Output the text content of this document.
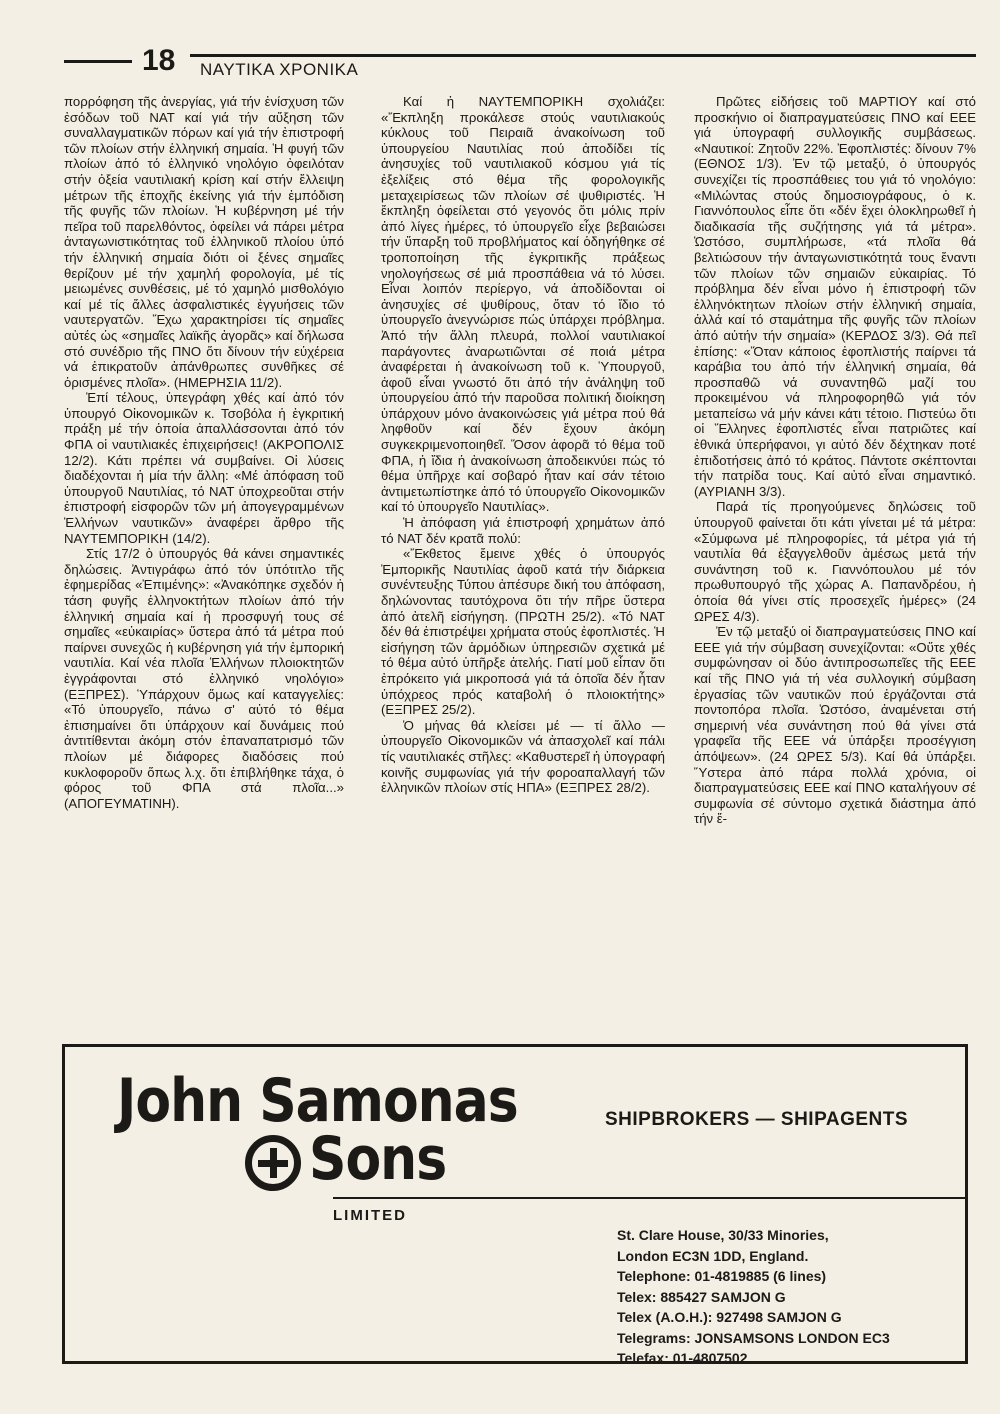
18 ΝΑΥΤΙΚΑ ΧΡΟΝΙΚΑ

πορρόφηση τῆς ἀνεργίας, γιά τήν ἐνίσχυση τῶν ἐσόδων τοῦ ΝΑΤ καί γιά τήν αὔξηση τῶν συναλλαγματικῶν πόρων καί γιά τήν ἐπιστροφή τῶν πλοίων στήν ἑλληνική σημαία. Ἡ φυγή τῶν πλοίων ἀπό τό ἑλληνικό νηολόγιο ὀφειλόταν στήν ὀξεία ναυτιλιακή κρίση καί στήν ἔλλειψη μέτρων τῆς ἐποχῆς ἐκείνης γιά τήν ἐμπόδιση τῆς φυγῆς τῶν πλοίων. Ἡ κυβέρνηση μέ τήν πεῖρα τοῦ παρελθόντος, ὀφείλει νά πάρει μέτρα ἀνταγωνιστικότητας τοῦ ἑλληνικοῦ πλοίου ὑπό τήν ἑλληνική σημαία διότι οἱ ξένες σημαῖες θερίζουν μέ τήν χαμηλή φορολογία, μέ τίς μειωμένες συνθέσεις, μέ τό χαμηλό μισθολόγιο καί μέ τίς ἄλλες ἀσφαλιστικές ἐγγυήσεις τῶν ναυτεργατῶν. Ἔχω χαρακτηρίσει τίς σημαῖες αὐτές ὡς «σημαῖες λαϊκῆς ἀγορᾶς» καί δήλωσα στό συνέδριο τῆς ΠΝΟ ὅτι δίνουν τήν εὐχέρεια νά ἐπικρατοῦν ἀπάνθρωπες συνθῆκες σέ ὁρισμένες πλοῖα». (ΗΜΕΡΗΣΙΑ 11/2).

Ἐπί τέλους, ὑπεγράφη χθές καί ἀπό τόν ὑπουργό Οἰκονομικῶν κ. Τσοβόλα ἡ ἐγκριτική πράξη μέ τήν ὁποία ἀπαλλάσσονται ἀπό τόν ΦΠΑ οἱ ναυτιλιακές ἐπιχειρήσεις! (ΑΚΡΟΠΟΛΙΣ 12/2). Κάτι πρέπει νά συμβαίνει. Οἱ λύσεις διαδέχονται ἡ μία τήν ἄλλη: «Μέ ἀπόφαση τοῦ ὑπουργοῦ Ναυτιλίας, τό ΝΑΤ ὑποχρεοῦται στήν ἐπιστροφή εἰσφορῶν τῶν μή ἀπογεγραμμένων Ἑλλήνων ναυτικῶν» ἀναφέρει ἄρθρο τῆς ΝΑΥΤΕΜΠΟΡΙΚΗ (14/2).

Στίς 17/2 ὁ ὑπουργός θά κάνει σημαντικές δηλώσεις. Ἀντιγράφω ἀπό τόν ὑπότιτλο τῆς ἐφημερίδας «Ἐπιμένης»: «Ἀνακόπηκε σχεδόν ἡ τάση φυγῆς ἑλληνοκτήτων πλοίων ἀπό τήν ἑλληνική σημαία καί ἡ προσφυγή τους σέ σημαῖες «εὐκαιρίας» ὕστερα ἀπό τά μέτρα πού παίρνει συνεχῶς ἡ κυβέρνηση γιά τήν ἐμπορική ναυτιλία. Καί νέα πλοῖα Ἑλλήνων πλοιοκτητῶν ἐγγράφονται στό ἑλληνικό νηολόγιο» (ΕΞΠΡΕΣ). Ὑπάρχουν ὅμως καί καταγγελίες: «Τό ὑπουργεῖο, πάνω σ' αὐτό τό θέμα ἐπισημαίνει ὅτι ὑπάρχουν καί δυνάμεις πού ἀντιτίθενται ἀκόμη στόν ἐπαναπατρισμό τῶν πλοίων μέ διάφορες διαδόσεις πού κυκλοφοροῦν ὅπως λ.χ. ὅτι ἐπιβλήθηκε τάχα, ὁ φόρος τοῦ ΦΠΑ στά πλοῖα...» (ΑΠΟΓΕΥΜΑΤΙΝΗ).

Καί ἡ ΝΑΥΤΕΜΠΟΡΙΚΗ σχολιάζει: «Ἔκπληξη προκάλεσε στούς ναυτιλιακούς κύκλους τοῦ Πειραιᾶ ἀνακοίνωση τοῦ ὑπουργείου Ναυτιλίας πού ἀποδίδει τίς ἀνησυχίες τοῦ ναυτιλιακοῦ κόσμου γιά τίς ἐξελίξεις στό θέμα τῆς φορολογικῆς μεταχειρίσεως τῶν πλοίων σέ ψυθιριστές. Ἡ ἔκπληξη ὀφείλεται στό γεγονός ὅτι μόλις πρίν ἀπό λίγες ἡμέρες, τό ὑπουργεῖο εἶχε βεβαιώσει τήν ὕπαρξη τοῦ προβλήματος καί ὁδηγήθηκε σέ τροποποίηση τῆς ἐγκριτικῆς πράξεως νηολογήσεως σέ μιά προσπάθεια νά τό λύσει. Εἶναι λοιπόν περίεργο, νά ἀποδίδονται οἱ ἀνησυχίες σέ ψυθίρους, ὅταν τό ἴδιο τό ὑπουργεῖο ἀνεγνώρισε πώς ὑπάρχει πρόβλημα. Ἀπό τήν ἄλλη πλευρά, πολλοί ναυτιλιακοί παράγοντες ἀναρωτιῶνται σέ ποιά μέτρα ἀναφέρεται ἡ ἀνακοίνωση τοῦ κ. Ὑπουργοῦ, ἀφοῦ εἶναι γνωστό ὅτι ἀπό τήν ἀνάληψη τοῦ ὑπουργείου ἀπό τήν παροῦσα πολιτική διοίκηση ὑπάρχουν μόνο ἀνακοινώσεις γιά μέτρα πού θά ληφθοῦν καί δέν ἔχουν ἀκόμη συγκεκριμενοποιηθεῖ. Ὅσον ἀφορᾶ τό θέμα τοῦ ΦΠΑ, ἡ ἴδια ἡ ἀνακοίνωση ἀποδεικνύει πώς τό θέμα ὑπῆρχε καί σοβαρό ἦταν καί σάν τέτοιο ἀντιμετωπίστηκε ἀπό τό ὑπουργεῖο Οἰκονομικῶν καί τό ὑπουργεῖο Ναυτιλίας».

Ἡ ἀπόφαση γιά ἐπιστροφή χρημάτων ἀπό τό ΝΑΤ δέν κρατᾶ πολύ:

«Ἔκθετος ἔμεινε χθές ὁ ὑπουργός Ἐμπορικῆς Ναυτιλίας ἀφοῦ κατά τήν διάρκεια συνέντευξης Τύπου ἀπέσυρε δική του ἀπόφαση, δηλώνοντας ταυτόχρονα ὅτι τήν πῆρε ὕστερα ἀπό ἀτελῆ εἰσήγηση. (ΠΡΩΤΗ 25/2). «Τό ΝΑΤ δέν θά ἐπιστρέψει χρήματα στούς ἐφοπλιστές. Ἡ εἰσήγηση τῶν ἁρμόδιων ὑπηρεσιῶν σχετικά μέ τό θέμα αὐτό ὑπῆρξε ἀτελής. Γιατί μοῦ εἶπαν ὅτι ἐπρόκειτο γιά μικροποσά γιά τά ὁποῖα δέν ἦταν ὑπόχρεος πρός καταβολή ὁ πλοιοκτήτης» (ΕΞΠΡΕΣ 25/2).

Ὁ μήνας θά κλείσει μέ — τί ἄλλο — ὑπουργεῖο Οἰκονομικῶν νά ἀπασχολεῖ καί πάλι τίς ναυτιλιακές στῆλες: «Καθυστερεῖ ἡ ὑπογραφή κοινῆς συμφωνίας γιά τήν φοροαπαλλαγή τῶν ἑλληνικῶν πλοίων στίς ΗΠΑ» (ΕΞΠΡΕΣ 28/2).

Πρῶτες εἰδήσεις τοῦ ΜΑΡΤΙΟΥ καί στό προσκήνιο οἱ διαπραγματεύσεις ΠΝΟ καί ΕΕΕ γιά ὑπογραφή συλλογικῆς συμβάσεως. «Ναυτικοί: Ζητοῦν 22%. Ἐφοπλιστές: δίνουν 7% (ΕΘΝΟΣ 1/3). Ἐν τῷ μεταξύ, ὁ ὑπουργός συνεχίζει τίς προσπάθειες του γιά τό νηολόγιο: «Μιλώντας στούς δημοσιογράφους, ὁ κ. Γιαννόπουλος εἶπε ὅτι «δέν ἔχει ὁλοκληρωθεῖ ἡ διαδικασία τῆς συζήτησης γιά τά μέτρα». Ὡστόσο, συμπλήρωσε, «τά πλοῖα θά βελτιώσουν τήν ἀνταγωνιστικότητά τους ἔναντι τῶν πλοίων τῶν σημαιῶν εὐκαιρίας. Τό πρόβλημα δέν εἶναι μόνο ἡ ἐπιστροφή τῶν ἑλληνόκτητων πλοίων στήν ἑλληνική σημαία, ἀλλά καί τό σταμάτημα τῆς φυγῆς τῶν πλοίων ἀπό αὐτήν τήν σημαία» (ΚΕΡΔΟΣ 3/3). Θά πεῖ ἐπίσης: «Ὅταν κάποιος ἐφοπλιστής παίρνει τά καράβια του ἀπό τήν ἑλληνική σημαία, θά προσπαθῶ νά συναντηθῶ μαζί του προκειμένου νά πληροφορηθῶ γιά τόν μεταπείσω νά μήν κάνει κάτι τέτοιο. Πιστεύω ὅτι οἱ Ἕλληνες ἐφοπλιστές εἶναι πατριῶτες καί ἐθνικά ὑπερήφανοι, γι αὐτό δέν δέχτηκαν ποτέ ἐπιδοτήσεις ἀπό τό κράτος. Πάντοτε σκέπτονται τήν πατρίδα τους. Καί αὐτό εἶναι σημαντικό. (ΑΥΡΙΑΝΗ 3/3).

Παρά τίς προηγούμενες δηλώσεις τοῦ ὑπουργοῦ φαίνεται ὅτι κάτι γίνεται μέ τά μέτρα: «Σύμφωνα μέ πληροφορίες, τά μέτρα γιά τή ναυτιλία θά ἐξαγγελθοῦν ἀμέσως μετά τήν συνάντηση τοῦ κ. Γιαννόπουλου μέ τόν πρωθυπουργό τῆς χώρας Α. Παπανδρέου, ἡ ὁποία θά γίνει στίς προσεχεῖς ἡμέρες» (24 ΩΡΕΣ 4/3).

Ἐν τῷ μεταξύ οἱ διαπραγματεύσεις ΠΝΟ καί ΕΕΕ γιά τήν σύμβαση συνεχίζονται: «Οὔτε χθές συμφώνησαν οἱ δύο ἀντιπροσωπεῖες τῆς ΕΕΕ καί τῆς ΠΝΟ γιά τή νέα συλλογική σύμβαση ἐργασίας τῶν ναυτικῶν πού ἐργάζονται στά ποντοπόρα πλοῖα. Ὡστόσο, ἀναμένεται στή σημερινή νέα συνάντηση πού θά γίνει στά γραφεῖα τῆς ΕΕΕ νά ὑπάρξει προσέγγιση ἀπόψεων». (24 ΩΡΕΣ 5/3). Καί θά ὑπάρξει. Ὕστερα ἀπό πάρα πολλά χρόνια, οἱ διαπραγματεύσεις ΕΕΕ καί ΠΝΟ καταλήγουν σέ συμφωνία σέ σύντομο σχετικά διάστημα ἀπό τήν ἔ-

John Samonas
Sons
SHIPBROKERS — SHIPAGENTS
LIMITED
St. Clare House, 30/33 Minories,
London EC3N 1DD, England.
Telephone: 01-4819885 (6 lines)
Telex: 885427 SAMJON G
Telex (A.O.H.): 927498 SAMJON G
Telegrams: JONSAMSONS LONDON EC3
Telefax: 01-4807502
